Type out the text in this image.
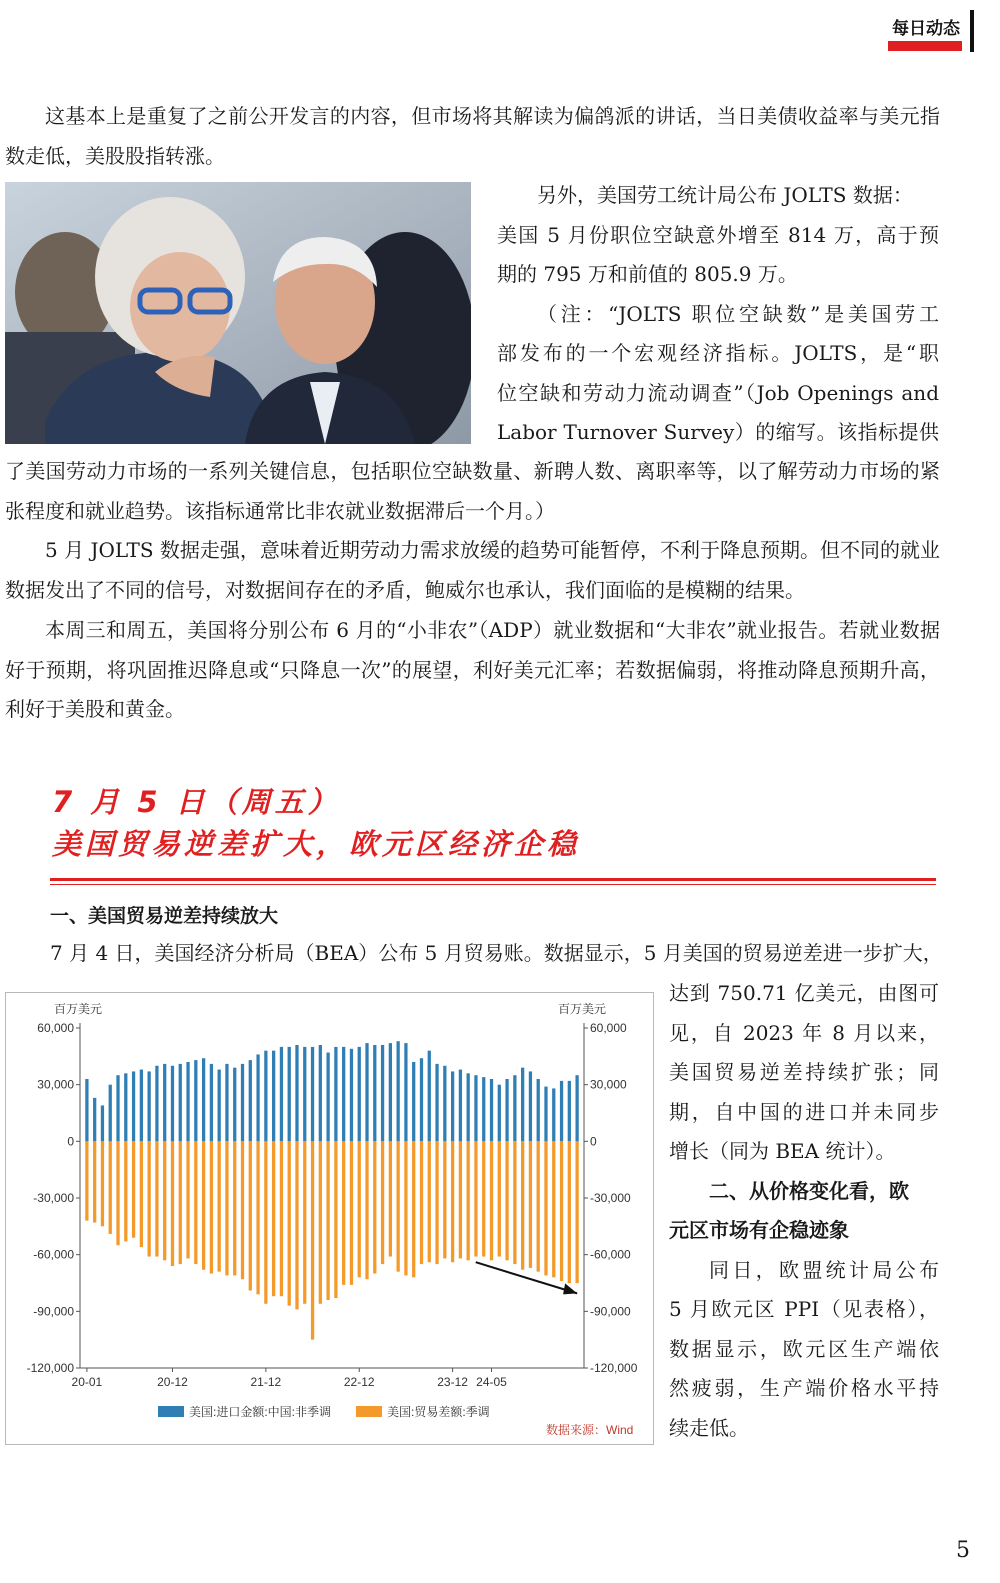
每日动态

这基本上是重复了之前公开发言的内容，但市场将其解读为偏鸽派的讲话，当日美债收益率与美元指数走低，美股股指转涨。

另外，美国劳工统计局公布 JOLTS 数据：

美国 5 月份职位空缺意外增至 814 万，高于预

期的 795 万和前值的 805.9 万。

（注：“JOLTS 职位空缺数”是美国劳工

部发布的一个宏观经济指标。JOLTS，是“职

位空缺和劳动力流动调查”（Job Openings and

Labor Turnover Survey）的缩写。该指标提供

了美国劳动力市场的一系列关键信息，包括职位空缺数量、新聘人数、离职率等，以了解劳动力市场的紧张程度和就业趋势。该指标通常比非农就业数据滞后一个月。）

5 月 JOLTS 数据走强，意味着近期劳动力需求放缓的趋势可能暂停，不利于降息预期。但不同的就业数据发出了不同的信号，对数据间存在的矛盾，鲍威尔也承认，我们面临的是模糊的结果。

本周三和周五，美国将分别公布 6 月的“小非农”（ADP）就业数据和“大非农”就业报告。若就业数据好于预期，将巩固推迟降息或“只降息一次”的展望，利好美元汇率；若数据偏弱，将推动降息预期升高，利好于美股和黄金。

7 月 5 日（周五）
美国贸易逆差扩大，欧元区经济企稳
一、美国贸易逆差持续放大

7 月 4 日，美国经济分析局（BEA）公布 5 月贸易账。数据显示，5 月美国的贸易逆差进一步扩大，

百万美元	百万美元
60,000	60,000
30,000	30,000
0	0
-30,000	-30,000
-60,000	-60,000
-90,000	-90,000
-120,000	-120,000
20-01	20-12	21-12	22-12	23-12 24-05
美国:进口金额:中国:非季调	美国:贸易差额:季调
数据来源：Wind

达到 750.71 亿美元，由图可

见，自 2023 年 8 月以来，

美国贸易逆差持续扩张；同

期，自中国的进口并未同步

增长（同为 BEA 统计）。

二、从价格变化看，欧

元区市场有企稳迹象

同日，欧盟统计局公布

5 月欧元区 PPI（见表格），

数据显示，欧元区生产端依

然疲弱，生产端价格水平持

续走低。

5
